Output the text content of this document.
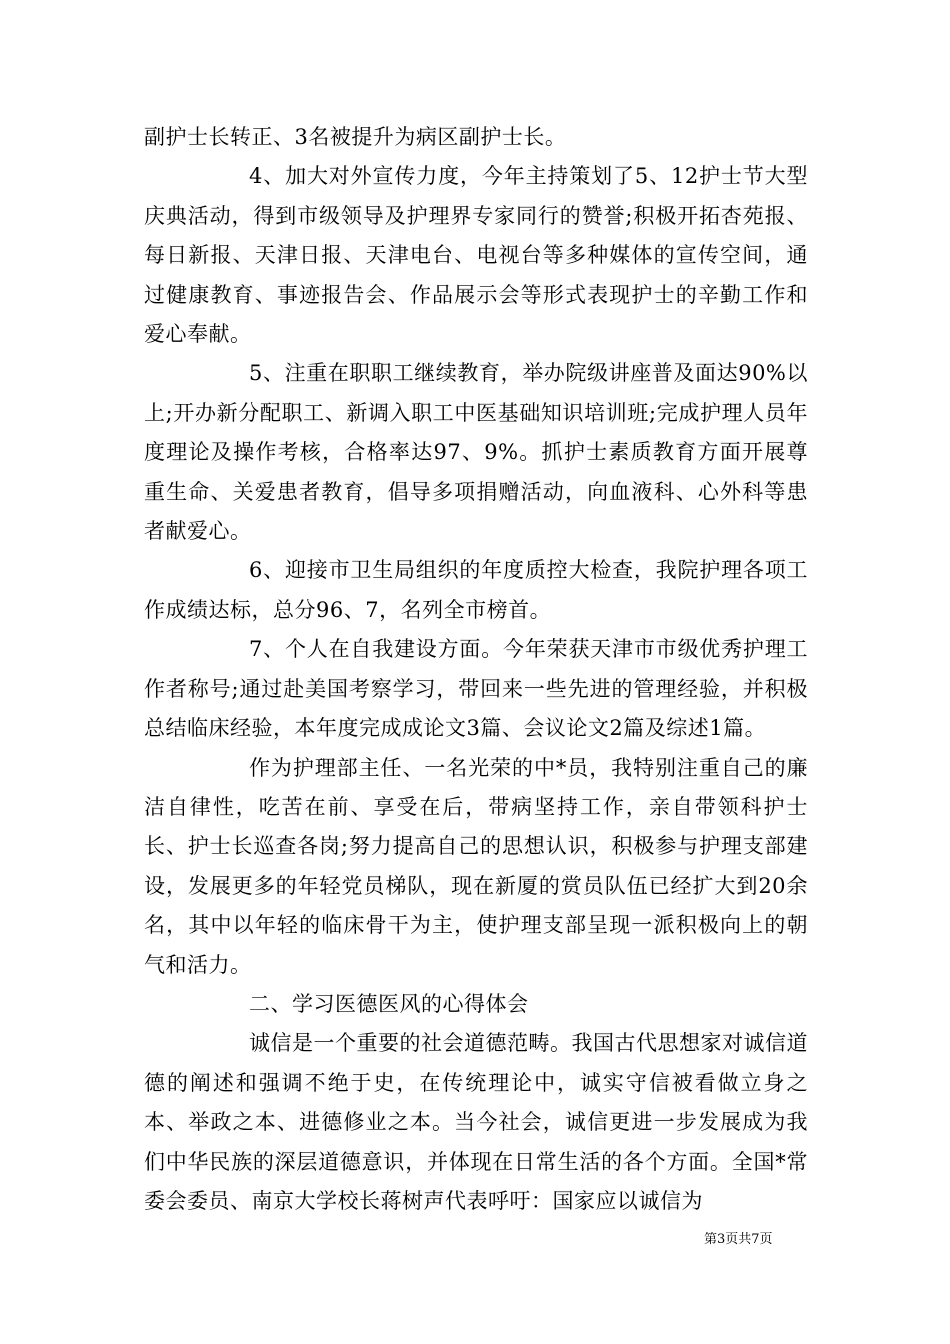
副护士长转正、3名被提升为病区副护士长。

4、加大对外宣传力度，今年主持策划了5、12护士节大型庆典活动，得到市级领导及护理界专家同行的赞誉;积极开拓杏苑报、每日新报、天津日报、天津电台、电视台等多种媒体的宣传空间，通过健康教育、事迹报告会、作品展示会等形式表现护士的辛勤工作和爱心奉献。

5、注重在职职工继续教育，举办院级讲座普及面达90%以上;开办新分配职工、新调入职工中医基础知识培训班;完成护理人员年度理论及操作考核，合格率达97、9%。抓护士素质教育方面开展尊重生命、关爱患者教育，倡导多项捐赠活动，向血液科、心外科等患者献爱心。

6、迎接市卫生局组织的年度质控大检查，我院护理各项工作成绩达标，总分96、7，名列全市榜首。

7、个人在自我建设方面。今年荣获天津市市级优秀护理工作者称号;通过赴美国考察学习，带回来一些先进的管理经验，并积极总结临床经验，本年度完成成论文3篇、会议论文2篇及综述1篇。

作为护理部主任、一名光荣的中*员，我特别注重自己的廉洁自律性，吃苦在前、享受在后，带病坚持工作，亲自带领科护士长、护士长巡查各岗;努力提高自己的思想认识，积极参与护理支部建设，发展更多的年轻党员梯队，现在新厦的赏员队伍已经扩大到20余名，其中以年轻的临床骨干为主，使护理支部呈现一派积极向上的朝气和活力。

二、学习医德医风的心得体会

诚信是一个重要的社会道德范畴。我国古代思想家对诚信道德的阐述和强调不绝于史，在传统理论中，诚实守信被看做立身之本、举政之本、进德修业之本。当今社会，诚信更进一步发展成为我们中华民族的深层道德意识，并体现在日常生活的各个方面。全国*常委会委员、南京大学校长蒋树声代表呼吁：国家应以诚信为

第3页共7页
